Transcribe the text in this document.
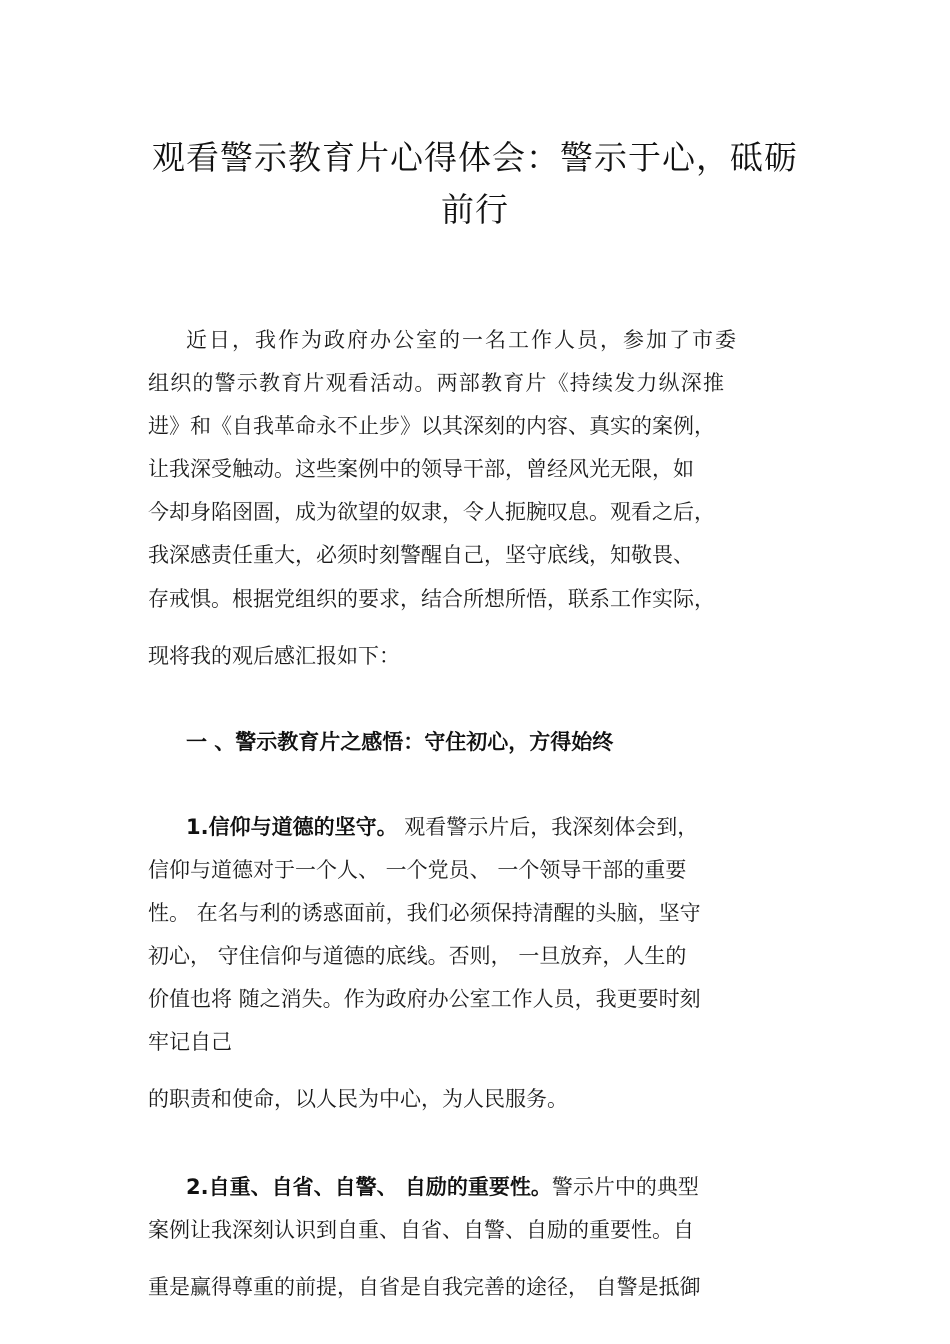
观看警示教育片心得体会：警示于心，砥砺
前行

近日，我作为政府办公室的一名工作人员，参加了市委

组织的警示教育片观看活动。两部教育片《持续发力纵深推

进》和《自我革命永不止步》以其深刻的内容、真实的案例，

让我深受触动。这些案例中的领导干部，曾经风光无限，如

今却身陷囹圄，成为欲望的奴隶，令人扼腕叹息。观看之后，

我深感责任重大，必须时刻警醒自己，坚守底线，知敬畏、

存戒惧。根据党组织的要求，结合所想所悟，联系工作实际，

现将我的观后感汇报如下：

一 、警示教育片之感悟：守住初心，方得始终

1.信仰与道德的坚守。 观看警示片后，我深刻体会到，

信仰与道德对于一个人、 一个党员、 一个领导干部的重要

性。 在名与利的诱惑面前，我们必须保持清醒的头脑，坚守

初心， 守住信仰与道德的底线。否则， 一旦放弃，人生的

价值也将 随之消失。作为政府办公室工作人员，我更要时刻

牢记自己

的职责和使命，以人民为中心，为人民服务。

2.自重、自省、自警、 自励的重要性。警示片中的典型

案例让我深刻认识到自重、自省、自警、自励的重要性。自

重是赢得尊重的前提，自省是自我完善的途径， 自警是抵御
